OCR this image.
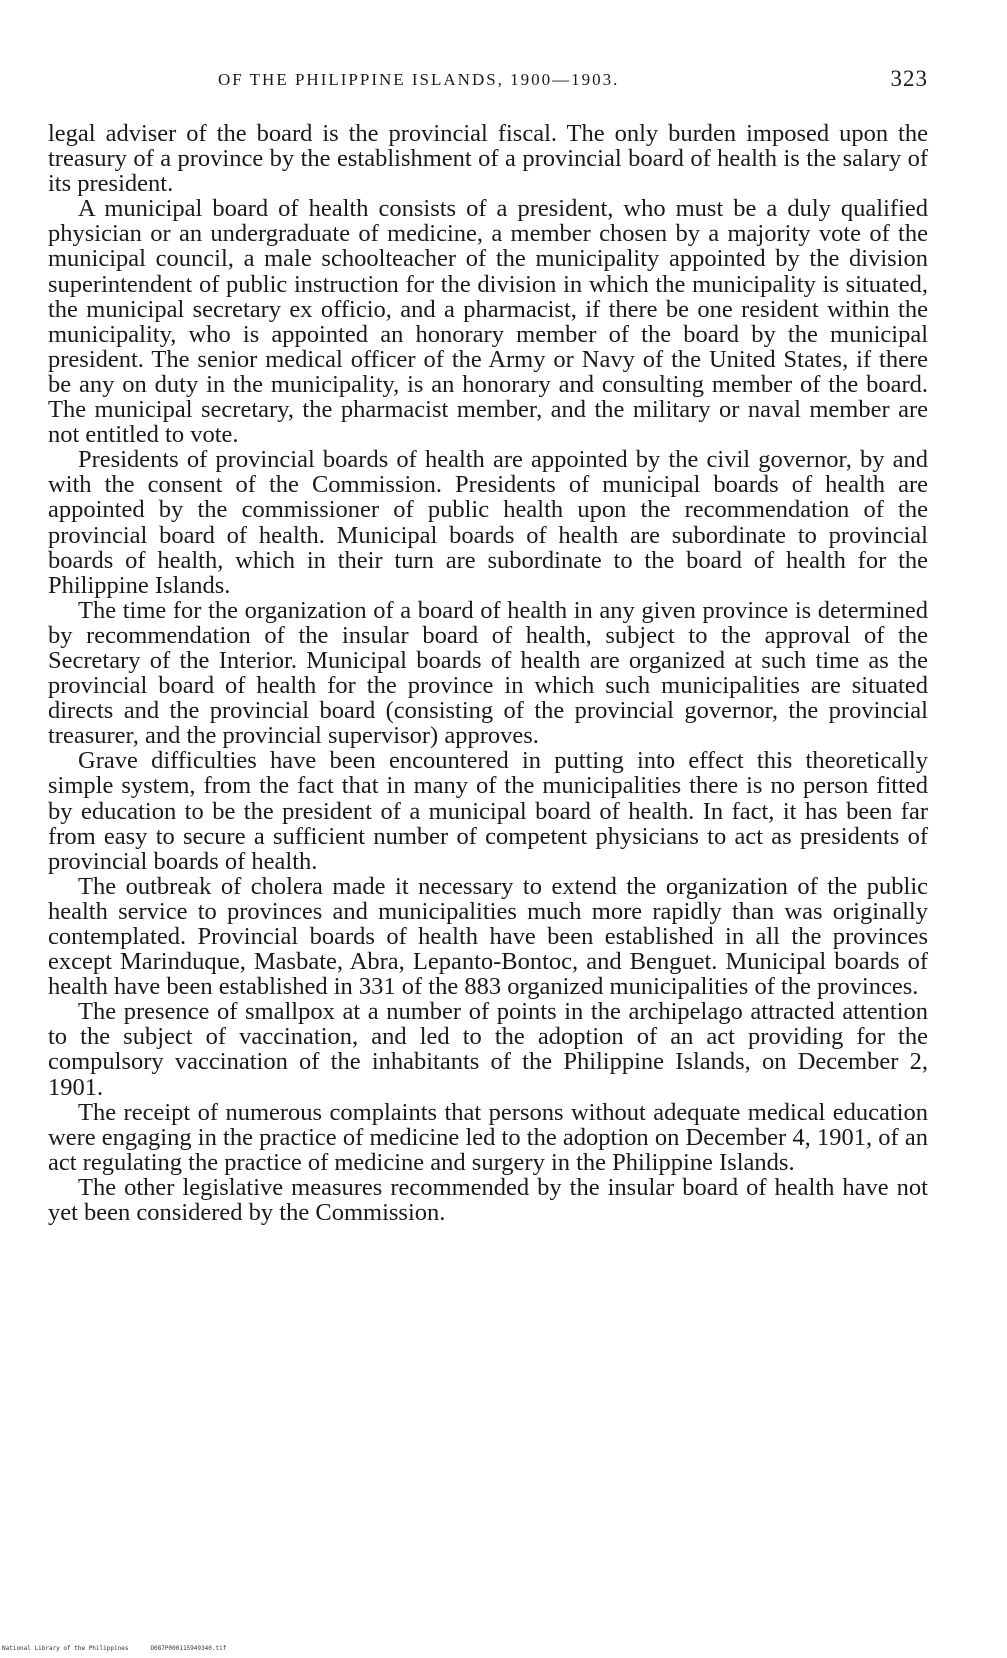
OF THE PHILIPPINE ISLANDS, 1900—1903.	323

legal adviser of the board is the provincial fiscal. The only burden imposed upon the treasury of a province by the establishment of a provincial board of health is the salary of its president.

A municipal board of health consists of a president, who must be a duly qualified physician or an undergraduate of medicine, a member chosen by a majority vote of the municipal council, a male schoolteacher of the municipality appointed by the division superintendent of public instruction for the division in which the municipality is situated, the municipal secretary ex officio, and a pharmacist, if there be one resident within the municipality, who is appointed an honorary member of the board by the municipal president. The senior medical officer of the Army or Navy of the United States, if there be any on duty in the municipality, is an honorary and consulting member of the board. The municipal secretary, the pharmacist member, and the military or naval member are not entitled to vote.

Presidents of provincial boards of health are appointed by the civil governor, by and with the consent of the Commission. Presidents of municipal boards of health are appointed by the commissioner of public health upon the recommendation of the provincial board of health. Municipal boards of health are subordinate to provincial boards of health, which in their turn are subordinate to the board of health for the Philippine Islands.

The time for the organization of a board of health in any given province is determined by recommendation of the insular board of health, subject to the approval of the Secretary of the Interior. Municipal boards of health are organized at such time as the provincial board of health for the province in which such municipalities are situated directs and the provincial board (consisting of the provincial governor, the provincial treasurer, and the provincial supervisor) approves.

Grave difficulties have been encountered in putting into effect this theoretically simple system, from the fact that in many of the municipalities there is no person fitted by education to be the president of a municipal board of health. In fact, it has been far from easy to secure a sufficient number of competent physicians to act as presidents of provincial boards of health.

The outbreak of cholera made it necessary to extend the organization of the public health service to provinces and municipalities much more rapidly than was originally contemplated. Provincial boards of health have been established in all the provinces except Marinduque, Masbate, Abra, Lepanto-Bontoc, and Benguet. Municipal boards of health have been established in 331 of the 883 organized municipalities of the provinces.

The presence of smallpox at a number of points in the archipelago attracted attention to the subject of vaccination, and led to the adoption of an act providing for the compulsory vaccination of the inhabitants of the Philippine Islands, on December 2, 1901.

The receipt of numerous complaints that persons without adequate medical education were engaging in the practice of medicine led to the adoption on December 4, 1901, of an act regulating the practice of medicine and surgery in the Philippine Islands.

The other legislative measures recommended by the insular board of health have not yet been considered by the Commission.

National Library of the Philippines	D087P000115949340.tif
